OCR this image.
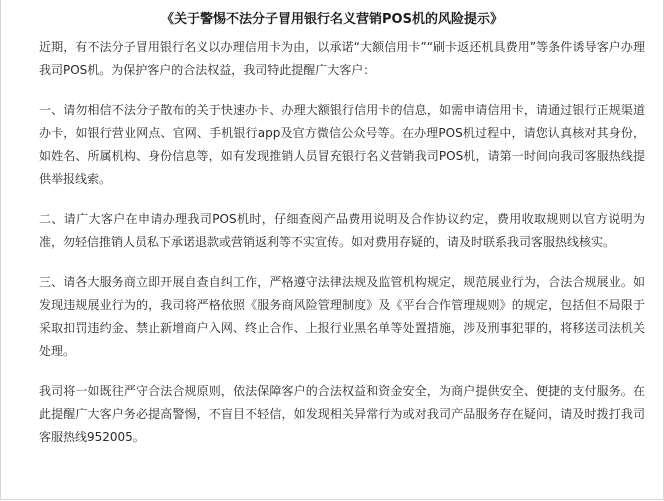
《关于警惕不法分子冒用银行名义营销POS机的风险提示》

近期，有不法分子冒用银行名义以办理信用卡为由，以承诺“大额信用卡”“刷卡返还机具费用”等条件诱导客户办理我司POS机。为保护客户的合法权益，我司特此提醒广大客户：

一、请勿相信不法分子散布的关于快速办卡、办理大额银行信用卡的信息，如需申请信用卡，请通过银行正规渠道办卡，如银行营业网点、官网、手机银行app及官方微信公众号等。在办理POS机过程中，请您认真核对其身份，如姓名、所属机构、身份信息等，如有发现推销人员冒充银行名义营销我司POS机，请第一时间向我司客服热线提供举报线索。

二、请广大客户在申请办理我司POS机时，仔细查阅产品费用说明及合作协议约定，费用收取规则以官方说明为准，勿轻信推销人员私下承诺退款或营销返利等不实宣传。如对费用存疑的，请及时联系我司客服热线核实。

三、请各大服务商立即开展自查自纠工作，严格遵守法律法规及监管机构规定，规范展业行为，合法合规展业。如发现违规展业行为的，我司将严格依照《服务商风险管理制度》及《平台合作管理规则》的规定，包括但不局限于采取扣罚违约金、禁止新增商户入网、终止合作、上报行业黑名单等处置措施，涉及刑事犯罪的，将移送司法机关处理。

我司将一如既往严守合法合规原则，依法保障客户的合法权益和资金安全，为商户提供安全、便捷的支付服务。在此提醒广大客户务必提高警惕，不盲目不轻信，如发现相关异常行为或对我司产品服务存在疑问，请及时拨打我司客服热线952005。
